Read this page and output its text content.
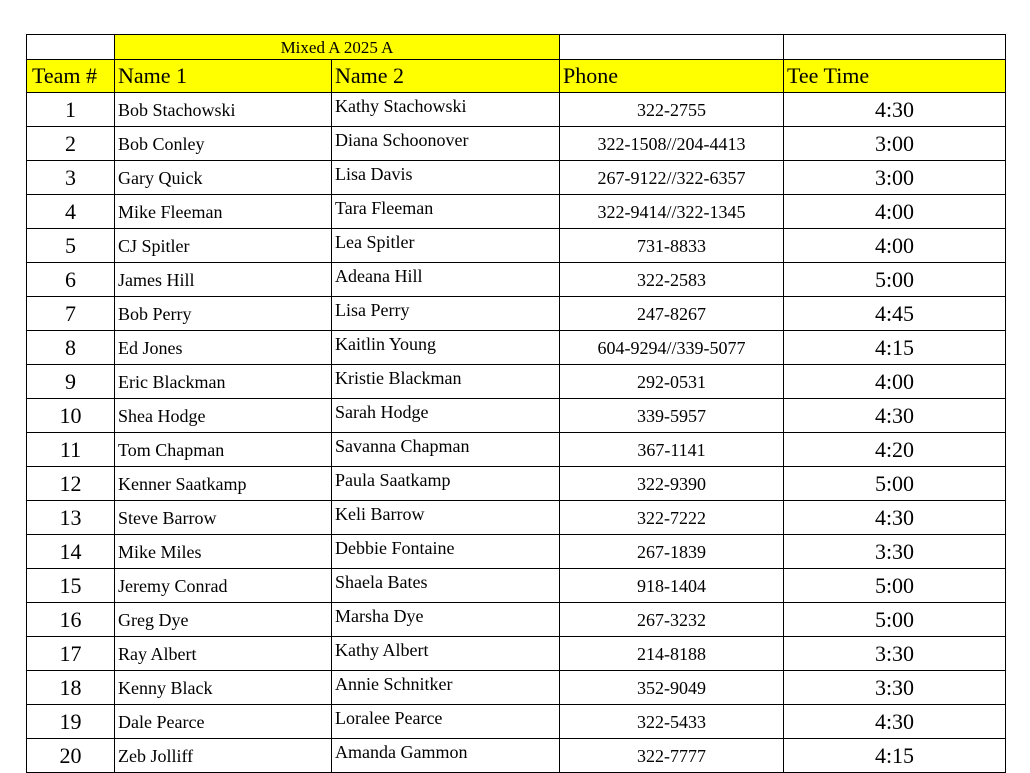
	Mixed A 2025 A			
Team #	Name 1	Name 2	Phone	Tee Time
1	Bob Stachowski	Kathy Stachowski	322-2755	4:30
2	Bob Conley	Diana Schoonover	322-1508//204-4413	3:00
3	Gary Quick	Lisa Davis	267-9122//322-6357	3:00
4	Mike Fleeman	Tara Fleeman	322-9414//322-1345	4:00
5	CJ Spitler	Lea Spitler	731-8833	4:00
6	James Hill	Adeana Hill	322-2583	5:00
7	Bob Perry	Lisa Perry	247-8267	4:45
8	Ed Jones	Kaitlin Young	604-9294//339-5077	4:15
9	Eric Blackman	Kristie Blackman	292-0531	4:00
10	Shea Hodge	Sarah Hodge	339-5957	4:30
11	Tom Chapman	Savanna Chapman	367-1141	4:20
12	Kenner Saatkamp	Paula Saatkamp	322-9390	5:00
13	Steve Barrow	Keli Barrow	322-7222	4:30
14	Mike Miles	Debbie Fontaine	267-1839	3:30
15	Jeremy Conrad	Shaela Bates	918-1404	5:00
16	Greg Dye	Marsha Dye	267-3232	5:00
17	Ray Albert	Kathy Albert	214-8188	3:30
18	Kenny Black	Annie Schnitker	352-9049	3:30
19	Dale Pearce	Loralee Pearce	322-5433	4:30
20	Zeb Jolliff	Amanda Gammon	322-7777	4:15
